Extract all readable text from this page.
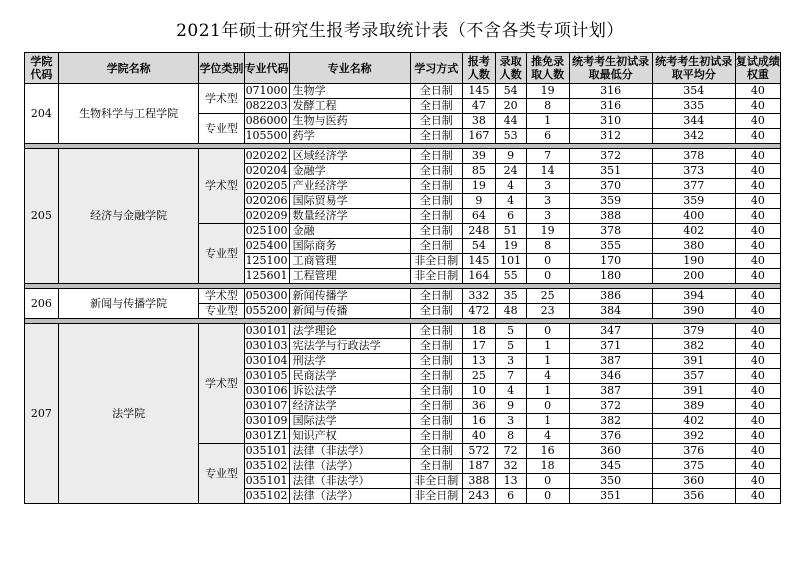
2021年硕士研究生报考录取统计表（不含各类专项计划）
学院代码	学院名称	学位类别	专业代码	专业名称	学习方式	报考人数	录取人数	推免录取人数	统考考生初试录取最低分	统考考生初试录取平均分	复试成绩权重
204	生物科学与工程学院	学术型	071000	生物学	全日制	145	54	19	316	354	40
			082203	发酵工程	全日制	47	20	8	316	335	40
		专业型	086000	生物与医药	全日制	38	44	1	310	344	40
			105500	药学	全日制	167	53	6	312	342	40

205	经济与金融学院	学术型	020202	区域经济学	全日制	39	9	7	372	378	40
			020204	金融学	全日制	85	24	14	351	373	40
			020205	产业经济学	全日制	19	4	3	370	377	40
			020206	国际贸易学	全日制	9	4	3	359	359	40
			020209	数量经济学	全日制	64	6	3	388	400	40
		专业型	025100	金融	全日制	248	51	19	378	402	40
			025400	国际商务	全日制	54	19	8	355	380	40
			125100	工商管理	非全日制	145	101	0	170	190	40
			125601	工程管理	非全日制	164	55	0	180	200	40

206	新闻与传播学院	学术型	050300	新闻传播学	全日制	332	35	25	386	394	40
		专业型	055200	新闻与传播	全日制	472	48	23	384	390	40

207	法学院	学术型	030101	法学理论	全日制	18	5	0	347	379	40
			030103	宪法学与行政法学	全日制	17	5	1	371	382	40
			030104	刑法学	全日制	13	3	1	387	391	40
			030105	民商法学	全日制	25	7	4	346	357	40
			030106	诉讼法学	全日制	10	4	1	387	391	40
			030107	经济法学	全日制	36	9	0	372	389	40
			030109	国际法学	全日制	16	3	1	382	402	40
			0301Z1	知识产权	全日制	40	8	4	376	392	40
		专业型	035101	法律（非法学）	全日制	572	72	16	360	376	40
			035102	法律（法学）	全日制	187	32	18	345	375	40
			035101	法律（非法学）	非全日制	388	13	0	350	360	40
			035102	法律（法学）	非全日制	243	6	0	351	356	40
